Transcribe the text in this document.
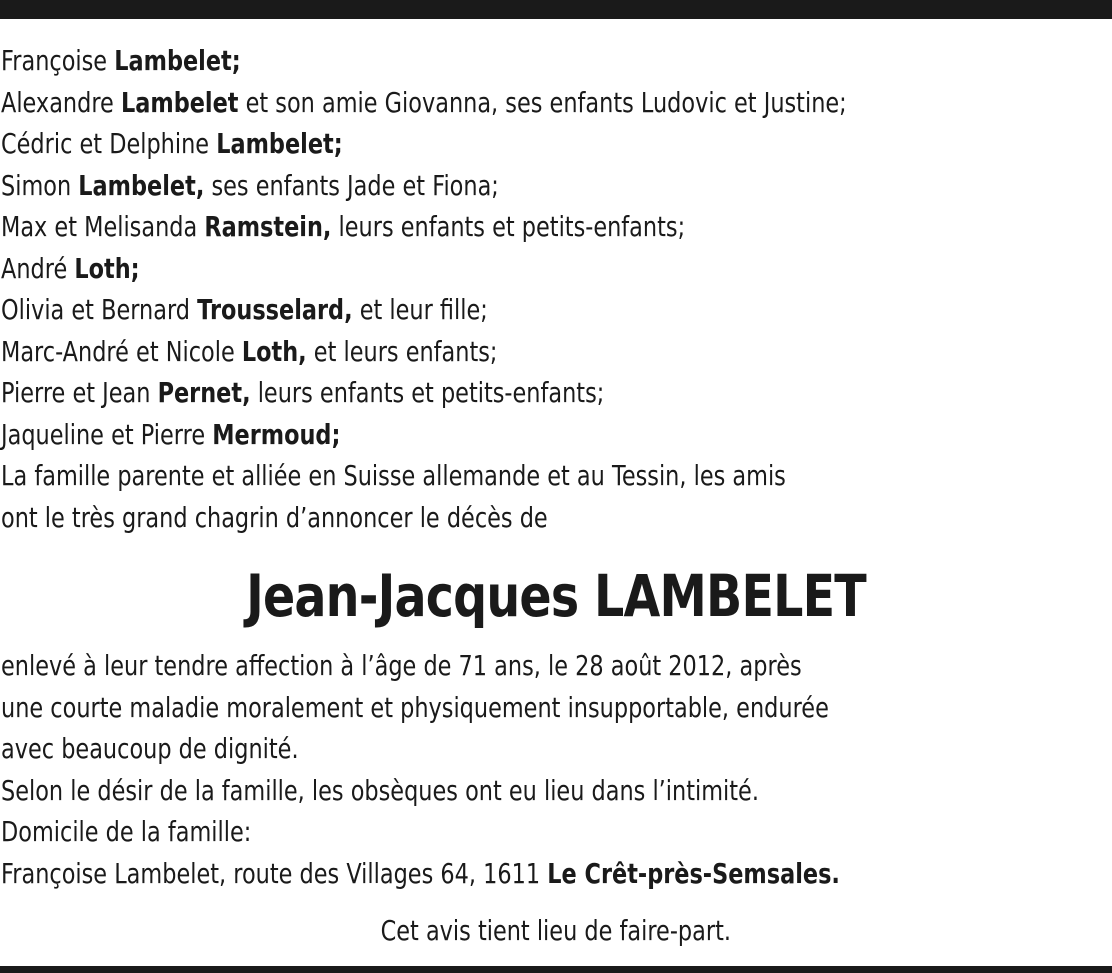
Françoise Lambelet;
Alexandre Lambelet et son amie Giovanna, ses enfants Ludovic et Justine;
Cédric et Delphine Lambelet;
Simon Lambelet, ses enfants Jade et Fiona;
Max et Melisanda Ramstein, leurs enfants et petits-enfants;
André Loth;
Olivia et Bernard Trousselard, et leur fille;
Marc-André et Nicole Loth, et leurs enfants;
Pierre et Jean Pernet, leurs enfants et petits-enfants;
Jaqueline et Pierre Mermoud;
La famille parente et alliée en Suisse allemande et au Tessin, les amis
ont le très grand chagrin d’annoncer le décès de
Jean-Jacques LAMBELET
enlevé à leur tendre affection à l’âge de 71 ans, le 28 août 2012, après
une courte maladie moralement et physiquement insupportable, endurée
avec beaucoup de dignité.
Selon le désir de la famille, les obsèques ont eu lieu dans l’intimité.
Domicile de la famille:
Françoise Lambelet, route des Villages 64, 1611 Le Crêt-près-Semsales.
Cet avis tient lieu de faire-part.
